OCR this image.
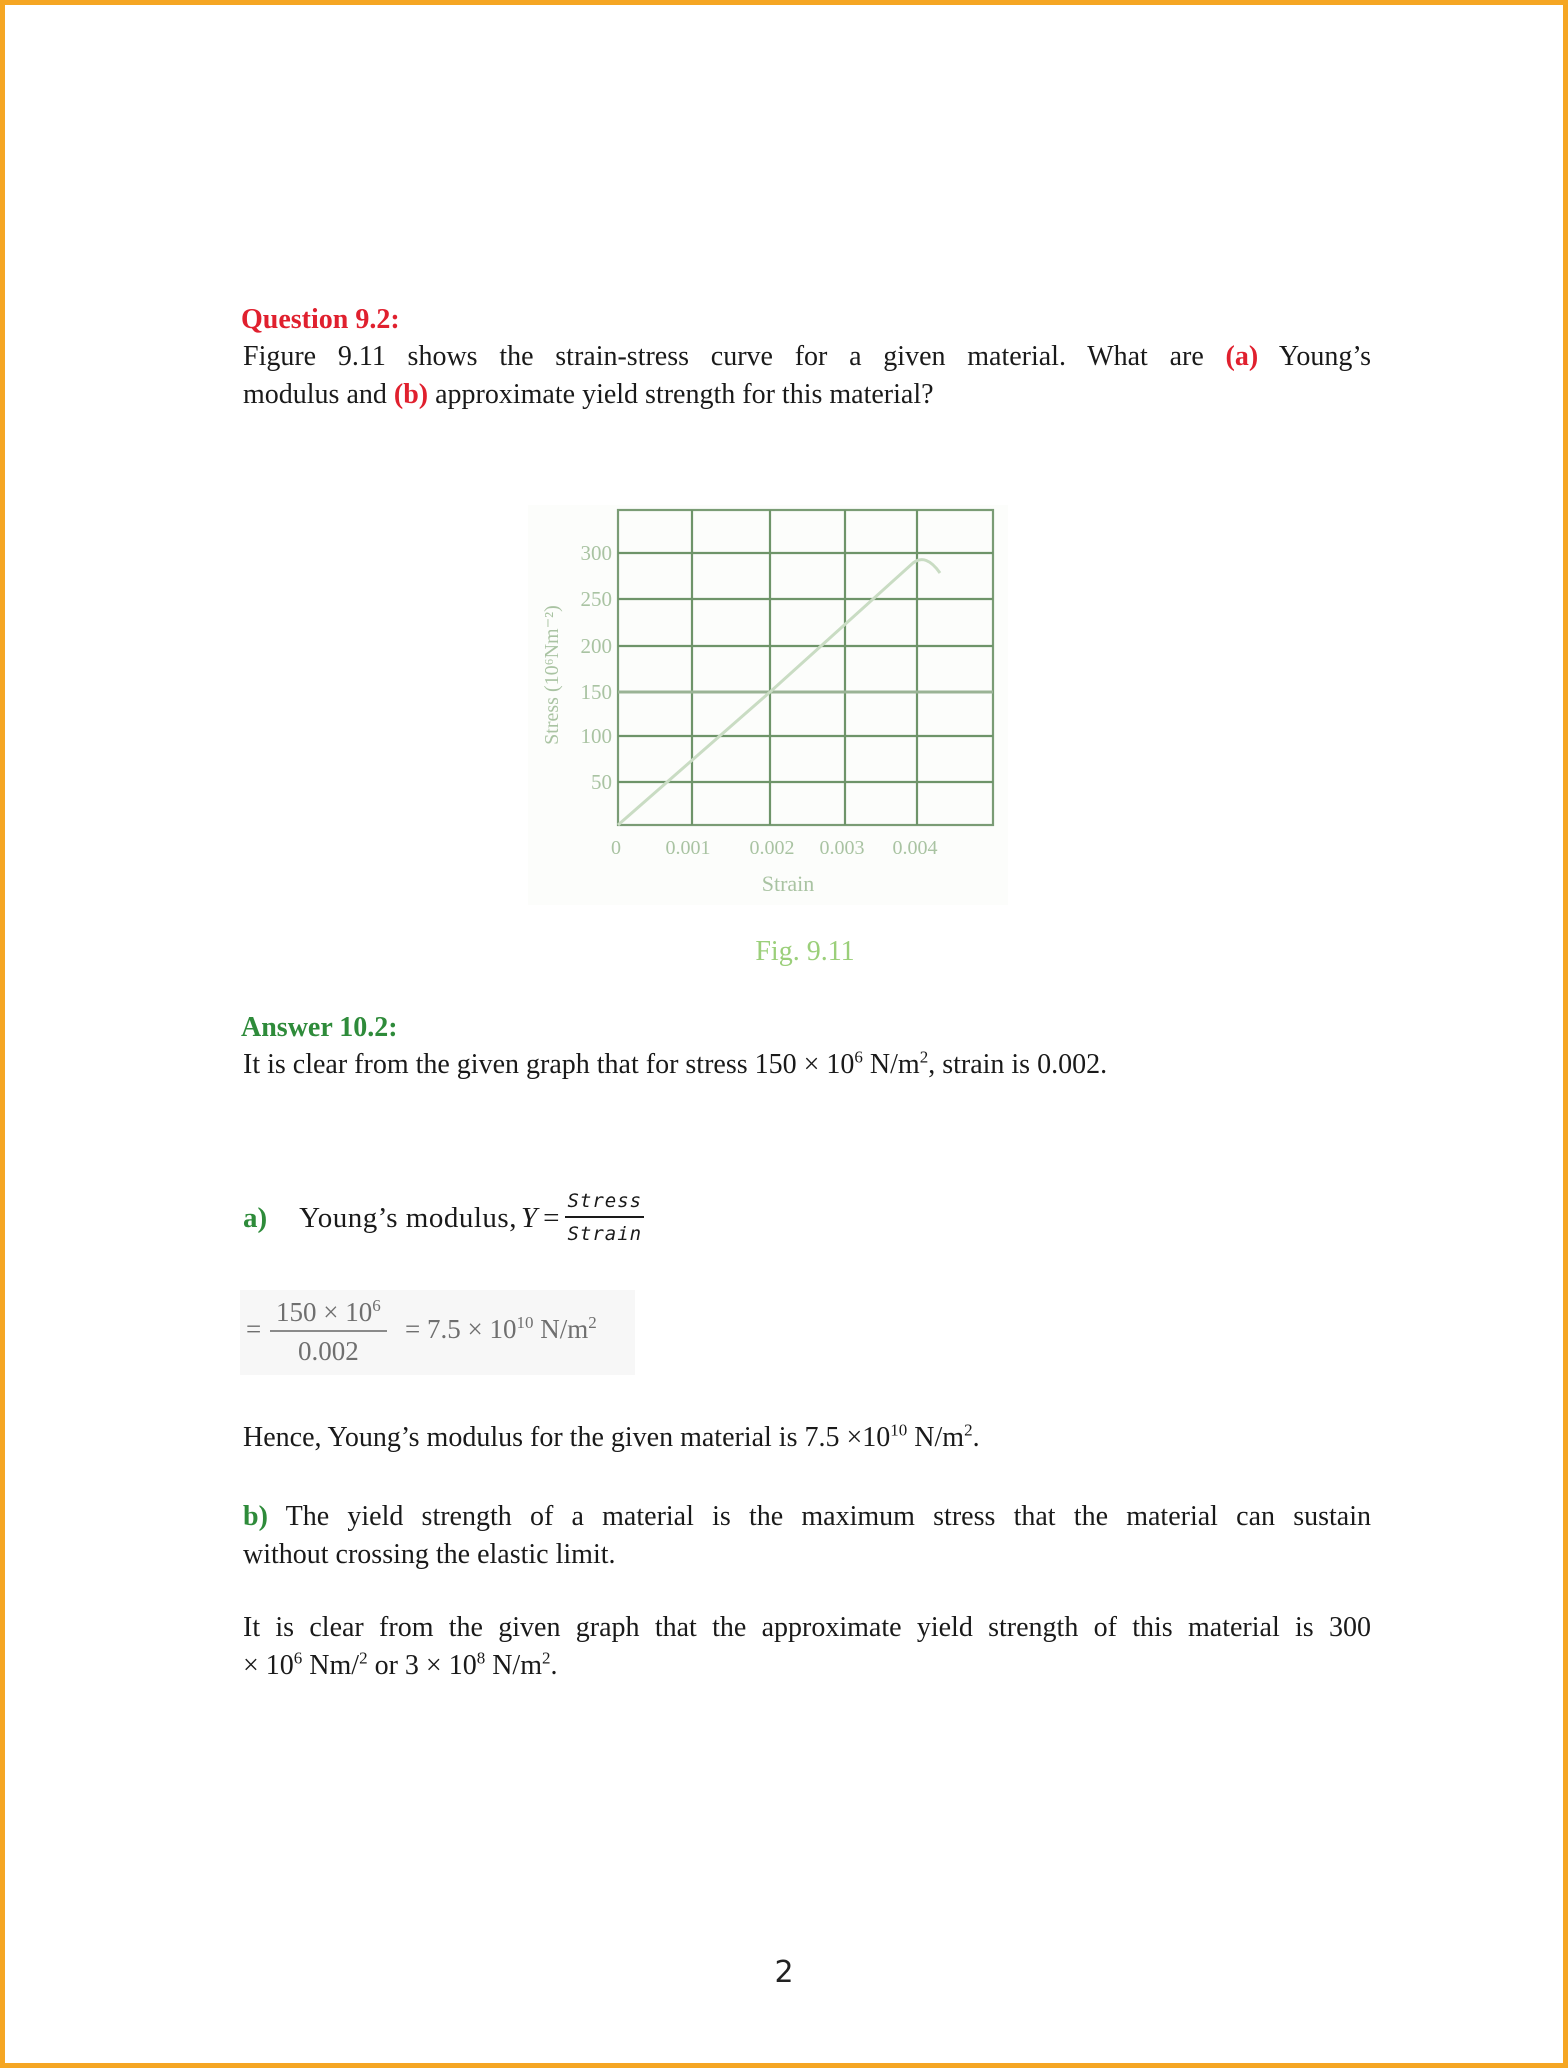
Question 9.2:
Figure 9.11 shows the strain-stress curve for a given material. What are (a) Young’s
modulus and (b) approximate yield strength for this material?
300
250
200
150
100
50
0 0.001 0.002 0.003 0.004
Strain
Stress (10⁶Nm⁻²)
Fig. 9.11
Answer 10.2:
It is clear from the given graph that for stress $150 \times 10^6$ $N/m^2$, strain is 0.002.
a) Young’s modulus, $Y = \frac{\text{Stress}}{\text{Strain}}$
= $\frac{150 \times 10^6}{0.002} = 7.5 \times 10^{10}$ $N/m^2$
Hence, Young’s modulus for the given material is $7.5 \times 10^{10}$ $N/m^2$.
b) The yield strength of a material is the maximum stress that the material can sustain
without crossing the elastic limit.
It is clear from the given graph that the approximate yield strength of this material is 300
× $10^6$ Nm/$^2$ or $3 \times 10^8$ $N/m^2$.
2
